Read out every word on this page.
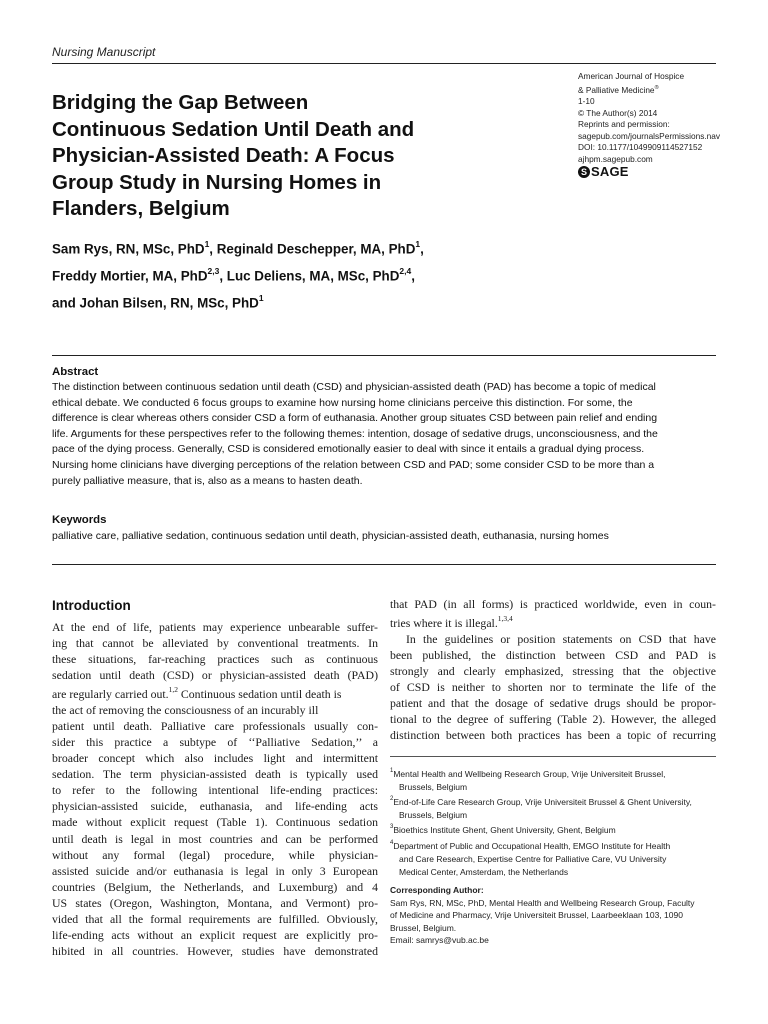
Nursing Manuscript
American Journal of Hospice
& Palliative Medicine®
1-10
© The Author(s) 2014
Reprints and permission:
sagepub.com/journalsPermissions.nav
DOI: 10.1177/1049909114527152
ajhpm.sagepub.com
S SAGE
Bridging the Gap Between
Continuous Sedation Until Death and
Physician-Assisted Death: A Focus
Group Study in Nursing Homes in
Flanders, Belgium
Sam Rys, RN, MSc, PhD$^1$, Reginald Deschepper, MA, PhD$^1$,
Freddy Mortier, MA, PhD$^{2,3}$, Luc Deliens, MA, MSc, PhD$^{2,4}$,
and Johan Bilsen, RN, MSc, PhD$^1$
Abstract
The distinction between continuous sedation until death (CSD) and physician-assisted death (PAD) has become a topic of medical
ethical debate. We conducted 6 focus groups to examine how nursing home clinicians perceive this distinction. For some, the
difference is clear whereas others consider CSD a form of euthanasia. Another group situates CSD between pain relief and ending
life. Arguments for these perspectives refer to the following themes: intention, dosage of sedative drugs, unconsciousness, and the
pace of the dying process. Generally, CSD is considered emotionally easier to deal with since it entails a gradual dying process.
Nursing home clinicians have diverging perceptions of the relation between CSD and PAD; some consider CSD to be more than a
purely palliative measure, that is, also as a means to hasten death.
Keywords
palliative care, palliative sedation, continuous sedation until death, physician-assisted death, euthanasia, nursing homes
Introduction
At the end of life, patients may experience unbearable suffer-
ing that cannot be alleviated by conventional treatments. In
these situations, far-reaching practices such as continuous
sedation until death (CSD) or physician-assisted death (PAD)
are regularly carried out.$^{1,2}$ Continuous sedation until death is
the act of removing the consciousness of an incurably ill
patient until death. Palliative care professionals usually con-
sider this practice a subtype of ‘‘Palliative Sedation,’’ a
broader concept which also includes light and intermittent
sedation. The term physician-assisted death is typically used
to refer to the following intentional life-ending practices:
physician-assisted suicide, euthanasia, and life-ending acts
made without explicit request (Table 1). Continuous sedation
until death is legal in most countries and can be performed
without any formal (legal) procedure, while physician-
assisted suicide and/or euthanasia is legal in only 3 European
countries (Belgium, the Netherlands, and Luxemburg) and 4
US states (Oregon, Washington, Montana, and Vermont) pro-
vided that all the formal requirements are fulfilled. Obviously,
life-ending acts without an explicit request are explicitly pro-
hibited in all countries. However, studies have demonstrated
that PAD (in all forms) is practiced worldwide, even in coun-
tries where it is illegal.$^{1,3,4}$
In the guidelines or position statements on CSD that have
been published, the distinction between CSD and PAD is
strongly and clearly emphasized, stressing that the objective
of CSD is neither to shorten nor to terminate the life of the
patient and that the dosage of sedative drugs should be propor-
tional to the degree of suffering (Table 2). However, the alleged
distinction between both practices has been a topic of recurring
$^1$Mental Health and Wellbeing Research Group, Vrije Universiteit Brussel,
Brussels, Belgium
$^2$End-of-Life Care Research Group, Vrije Universiteit Brussel & Ghent University,
Brussels, Belgium
$^3$Bioethics Institute Ghent, Ghent University, Ghent, Belgium
$^4$Department of Public and Occupational Health, EMGO Institute for Health
and Care Research, Expertise Centre for Palliative Care, VU University
Medical Center, Amsterdam, the Netherlands
Corresponding Author:
Sam Rys, RN, MSc, PhD, Mental Health and Wellbeing Research Group, Faculty
of Medicine and Pharmacy, Vrije Universiteit Brussel, Laarbeeklaan 103, 1090
Brussel, Belgium.
Email: samrys@vub.ac.be
